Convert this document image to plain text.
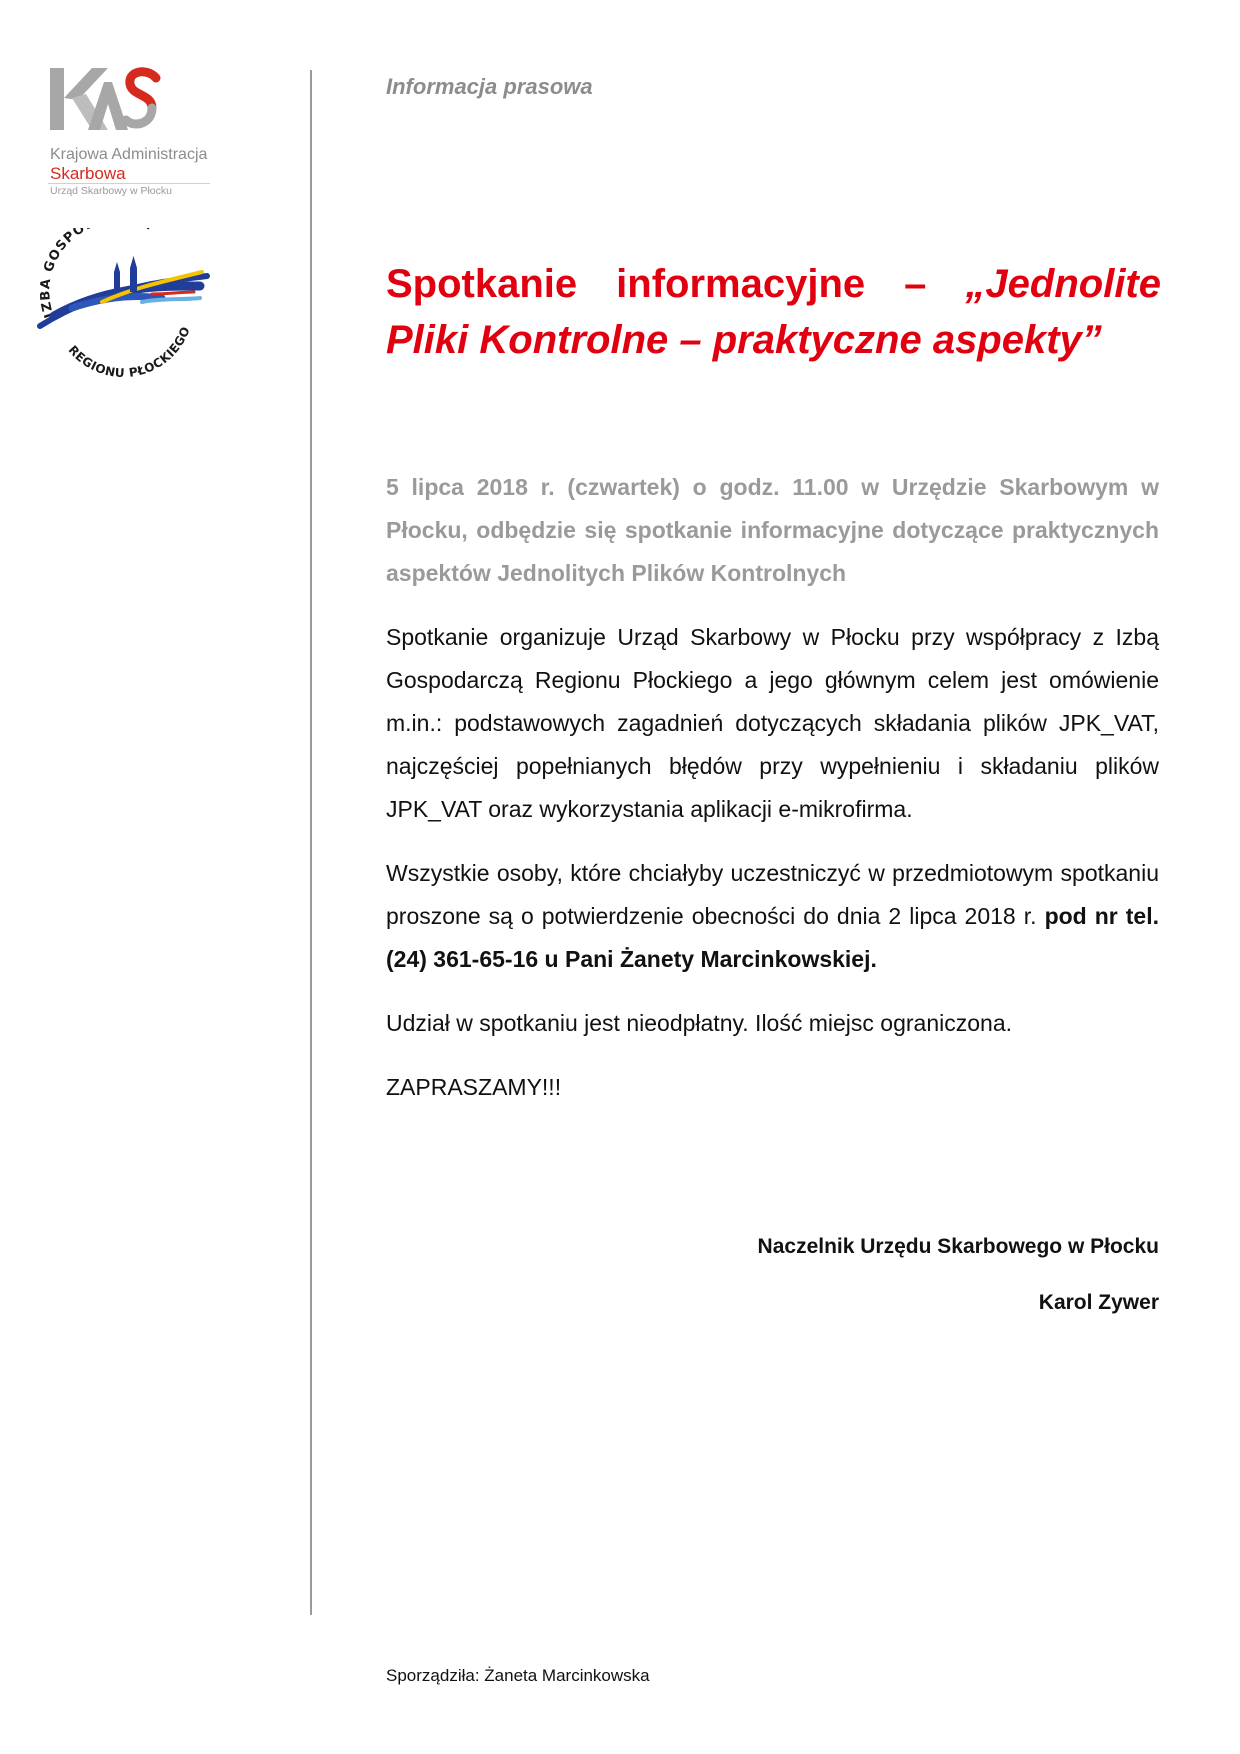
Krajowa Administracja
Skarbowa
Urząd Skarbowy w Płocku
IZBA GOSPO
REGIONU PŁOCKIEGO
Informacja prasowa
Spotkanie informacyjne – „Jednolite
Pliki Kontrolne – praktyczne aspekty”

5 lipca 2018 r. (czwartek) o godz. 11.00 w Urzędzie Skarbowym w Płocku, odbędzie się spotkanie informacyjne dotyczące praktycznych aspektów Jednolitych Plików Kontrolnych

Spotkanie organizuje Urząd Skarbowy w Płocku przy współpracy z Izbą Gospodarczą Regionu Płockiego a jego głównym celem jest omówienie m.in.: podstawowych zagadnień dotyczących składania plików JPK_VAT, najczęściej popełnianych błędów przy wypełnieniu i składaniu plików JPK_VAT oraz wykorzystania aplikacji e-mikrofirma.

Wszystkie osoby, które chciałyby uczestniczyć w przedmiotowym spotkaniu proszone są o potwierdzenie obecności do dnia 2 lipca 2018 r. pod nr tel. (24) 361-65-16 u Pani Żanety Marcinkowskiej.

Udział w spotkaniu jest nieodpłatny. Ilość miejsc ograniczona.

ZAPRASZAMY!!!

Naczelnik Urzędu Skarbowego w Płocku

Karol Zywer

Sporządziła: Żaneta Marcinkowska
